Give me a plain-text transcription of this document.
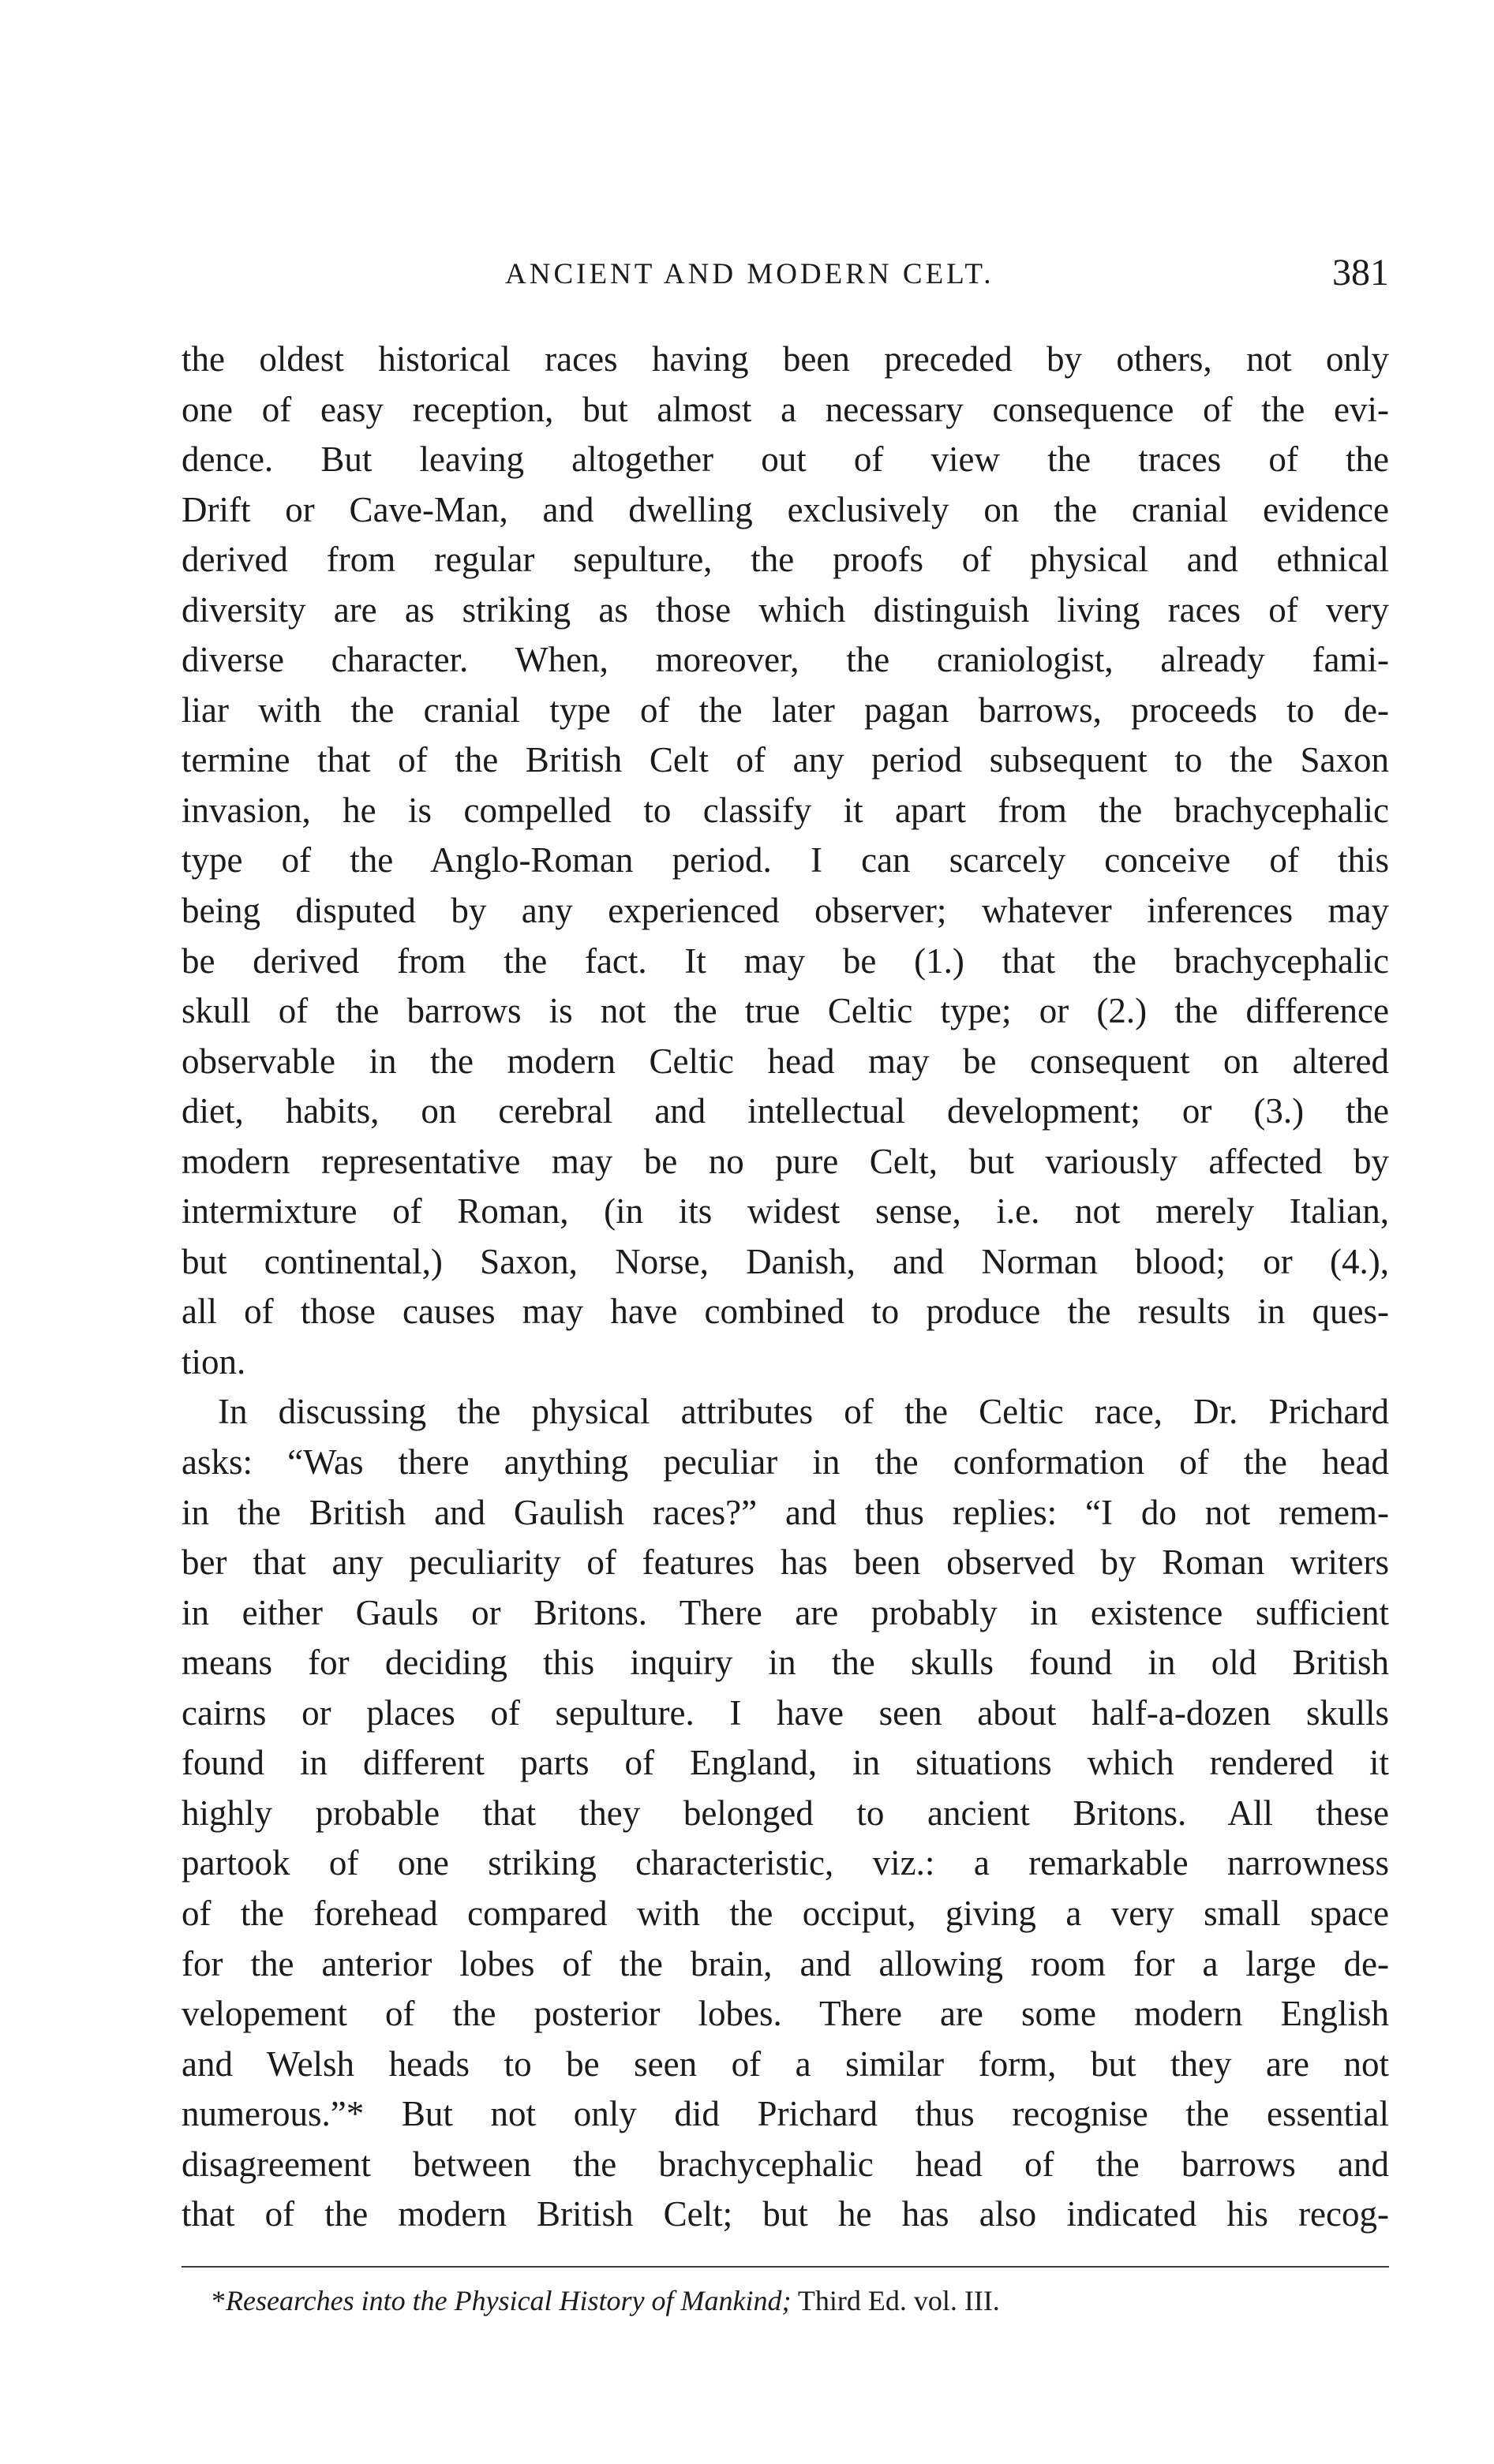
ANCIENT AND MODERN CELT.	381
the oldest historical races having been preceded by others, not only
one of easy reception, but almost a necessary consequence of the evi-
dence. But leaving altogether out of view the traces of the
Drift or Cave-Man, and dwelling exclusively on the cranial evidence
derived from regular sepulture, the proofs of physical and ethnical
diversity are as striking as those which distinguish living races of very
diverse character. When, moreover, the craniologist, already fami-
liar with the cranial type of the later pagan barrows, proceeds to de-
termine that of the British Celt of any period subsequent to the Saxon
invasion, he is compelled to classify it apart from the brachycephalic
type of the Anglo-Roman period. I can scarcely conceive of this
being disputed by any experienced observer; whatever inferences may
be derived from the fact. It may be (1.) that the brachycephalic
skull of the barrows is not the true Celtic type; or (2.) the difference
observable in the modern Celtic head may be consequent on altered
diet, habits, on cerebral and intellectual development; or (3.) the
modern representative may be no pure Celt, but variously affected by
intermixture of Roman, (in its widest sense, i.e. not merely Italian,
but continental,) Saxon, Norse, Danish, and Norman blood; or (4.),
all of those causes may have combined to produce the results in ques-
tion.
In discussing the physical attributes of the Celtic race, Dr. Prichard
asks: “Was there anything peculiar in the conformation of the head
in the British and Gaulish races?” and thus replies: “I do not remem-
ber that any peculiarity of features has been observed by Roman writers
in either Gauls or Britons. There are probably in existence sufficient
means for deciding this inquiry in the skulls found in old British
cairns or places of sepulture. I have seen about half-a-dozen skulls
found in different parts of England, in situations which rendered it
highly probable that they belonged to ancient Britons. All these
partook of one striking characteristic, viz.: a remarkable narrowness
of the forehead compared with the occiput, giving a very small space
for the anterior lobes of the brain, and allowing room for a large de-
velopement of the posterior lobes. There are some modern English
and Welsh heads to be seen of a similar form, but they are not
numerous.”* But not only did Prichard thus recognise the essential
disagreement between the brachycephalic head of the barrows and
that of the modern British Celt; but he has also indicated his recog-
*Researches into the Physical History of Mankind; Third Ed. vol. III.
